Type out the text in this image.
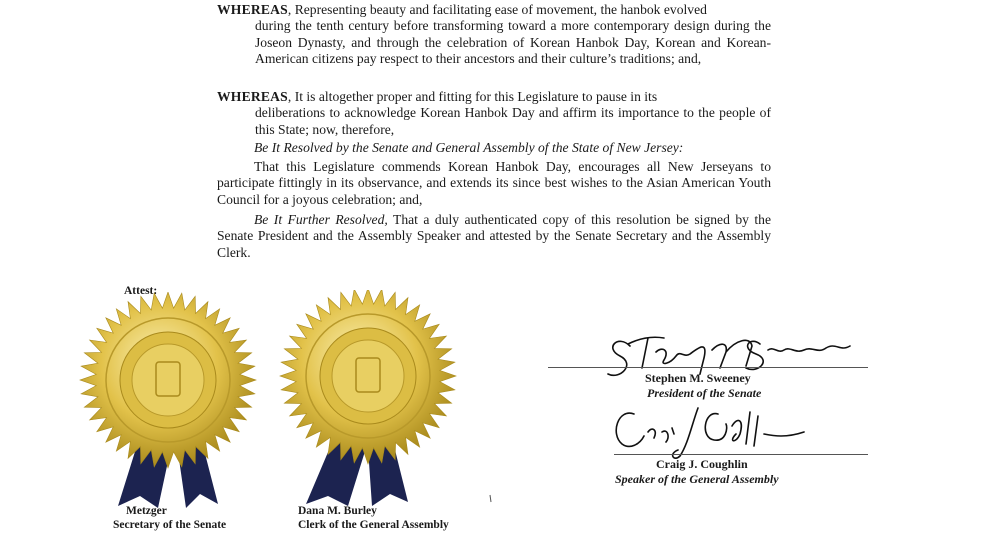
WHEREAS, Representing beauty and facilitating ease of movement, the hanbok evolved
during the tenth century before transforming toward a more contemporary design during the Joseon Dynasty, and through the celebration of Korean Hanbok Day, Korean and Korean-American citizens pay respect to their ancestors and their culture’s traditions; and,

WHEREAS, It is altogether proper and fitting for this Legislature to pause in its
deliberations to acknowledge Korean Hanbok Day and affirm its importance to the people of this State; now, therefore,

Be It Resolved by the Senate and General Assembly of the State of New Jersey:

That this Legislature commends Korean Hanbok Day, encourages all New Jerseyans to participate fittingly in its observance, and extends its since best wishes to the Asian American Youth Council for a joyous celebration; and,

Be It Further Resolved, That a duly authenticated copy of this resolution be signed by the Senate President and the Assembly Speaker and attested by the Senate Secretary and the Assembly Clerk.

Attest:
Metzger
Secretary of the Senate
Dana M. Burley
Clerk of the General Assembly
Stephen M. Sweeney
President of the Senate
Craig J. Coughlin
Speaker of the General Assembly
